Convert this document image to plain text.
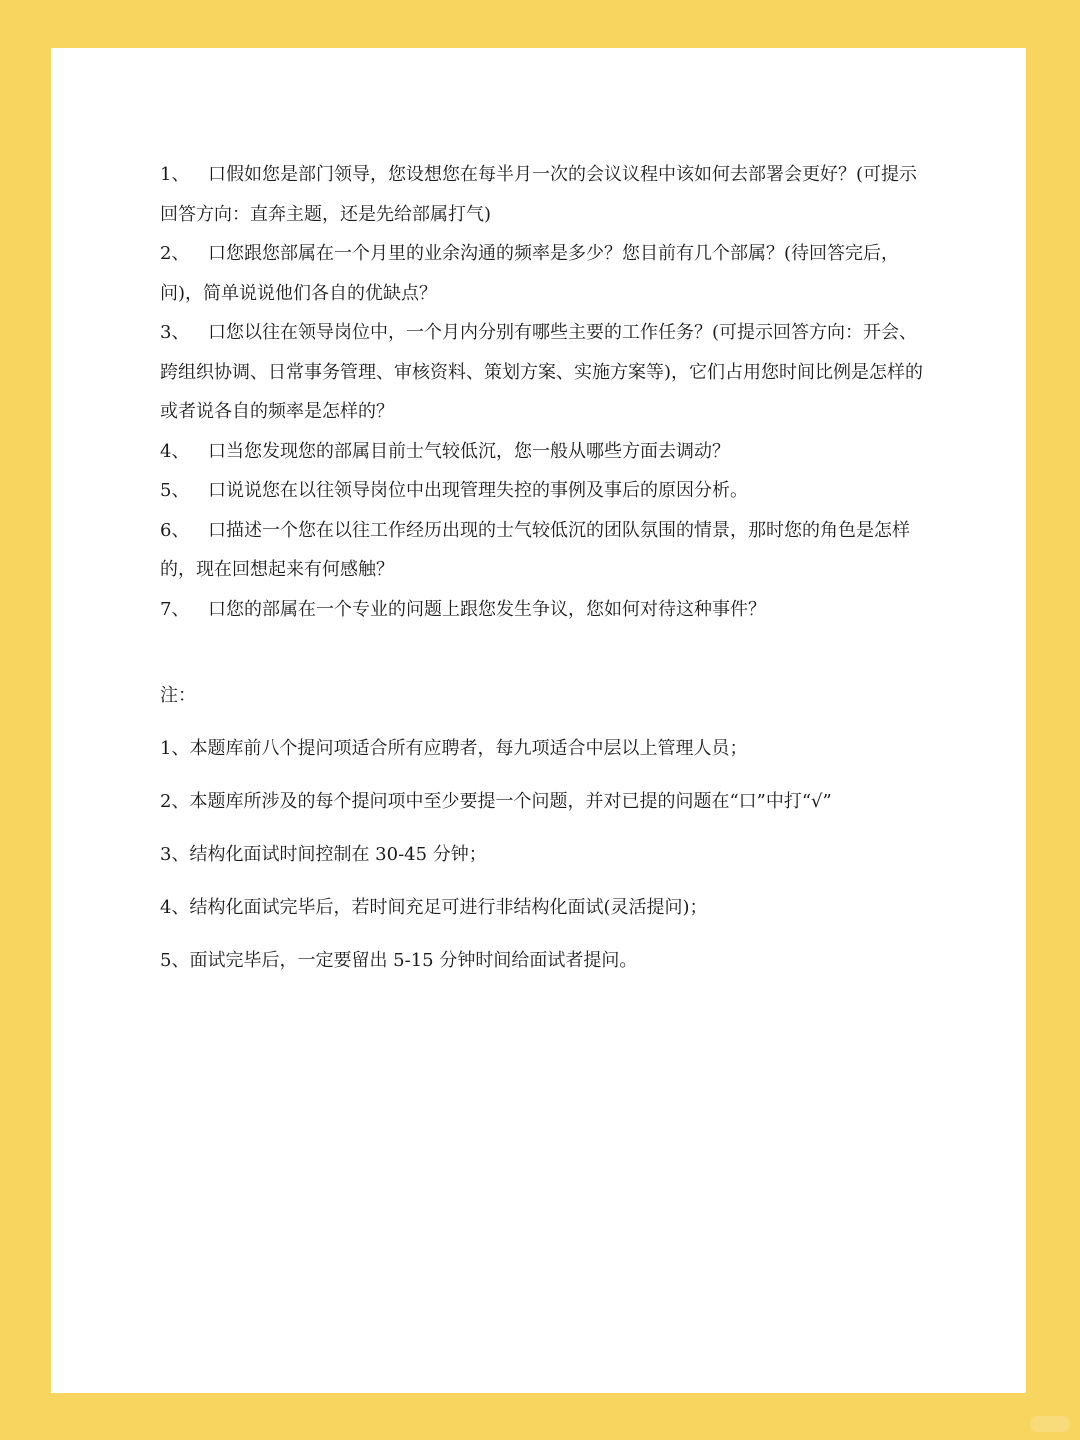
1、 口假如您是部门领导，您设想您在每半月一次的会议议程中该如何去部署会更好？(可提示回答方向：直奔主题，还是先给部属打气)
2、 口您跟您部属在一个月里的业余沟通的频率是多少？您目前有几个部属？(待回答完后，问)，简单说说他们各自的优缺点？
3、 口您以往在领导岗位中，一个月内分别有哪些主要的工作任务？(可提示回答方向：开会、跨组织协调、日常事务管理、审核资料、策划方案、实施方案等)，它们占用您时间比例是怎样的或者说各自的频率是怎样的？
4、 口当您发现您的部属目前士气较低沉，您一般从哪些方面去调动？
5、 口说说您在以往领导岗位中出现管理失控的事例及事后的原因分析。
6、 口描述一个您在以往工作经历出现的士气较低沉的团队氛围的情景，那时您的角色是怎样的，现在回想起来有何感触？
7、 口您的部属在一个专业的问题上跟您发生争议，您如何对待这种事件？
注：
1、本题库前八个提问项适合所有应聘者，每九项适合中层以上管理人员；
2、本题库所涉及的每个提问项中至少要提一个问题，并对已提的问题在“口”中打“√”
3、结构化面试时间控制在 30-45 分钟；
4、结构化面试完毕后，若时间充足可进行非结构化面试(灵活提问)；
5、面试完毕后，一定要留出 5-15 分钟时间给面试者提问。
